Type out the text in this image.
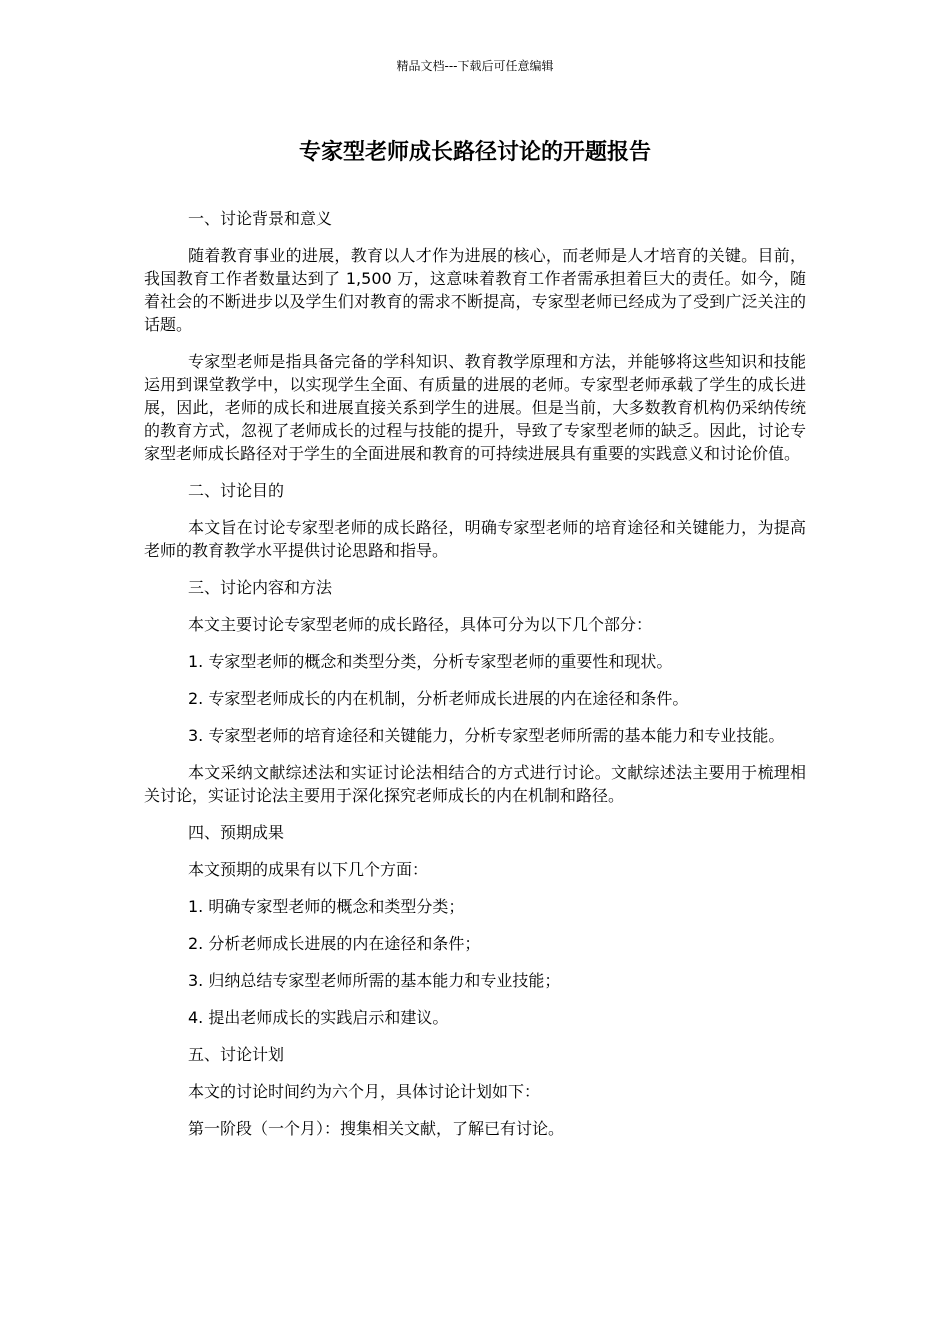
精品文档---下载后可任意编辑
专家型老师成长路径讨论的开题报告

一、讨论背景和意义

随着教育事业的进展，教育以人才作为进展的核心，而老师是人才培育的关键。目前，我国教育工作者数量达到了 1,500 万，这意味着教育工作者需承担着巨大的责任。如今，随着社会的不断进步以及学生们对教育的需求不断提高，专家型老师已经成为了受到广泛关注的话题。

专家型老师是指具备完备的学科知识、教育教学原理和方法，并能够将这些知识和技能运用到课堂教学中，以实现学生全面、有质量的进展的老师。专家型老师承载了学生的成长进展，因此，老师的成长和进展直接关系到学生的进展。但是当前，大多数教育机构仍采纳传统的教育方式，忽视了老师成长的过程与技能的提升，导致了专家型老师的缺乏。因此，讨论专家型老师成长路径对于学生的全面进展和教育的可持续进展具有重要的实践意义和讨论价值。

二、讨论目的

本文旨在讨论专家型老师的成长路径，明确专家型老师的培育途径和关键能力，为提高老师的教育教学水平提供讨论思路和指导。

三、讨论内容和方法

本文主要讨论专家型老师的成长路径，具体可分为以下几个部分：

1. 专家型老师的概念和类型分类，分析专家型老师的重要性和现状。

2. 专家型老师成长的内在机制，分析老师成长进展的内在途径和条件。

3. 专家型老师的培育途径和关键能力，分析专家型老师所需的基本能力和专业技能。

本文采纳文献综述法和实证讨论法相结合的方式进行讨论。文献综述法主要用于梳理相关讨论，实证讨论法主要用于深化探究老师成长的内在机制和路径。

四、预期成果

本文预期的成果有以下几个方面：

1. 明确专家型老师的概念和类型分类；

2. 分析老师成长进展的内在途径和条件；

3. 归纳总结专家型老师所需的基本能力和专业技能；

4. 提出老师成长的实践启示和建议。

五、讨论计划

本文的讨论时间约为六个月，具体讨论计划如下：

第一阶段（一个月）：搜集相关文献，了解已有讨论。
